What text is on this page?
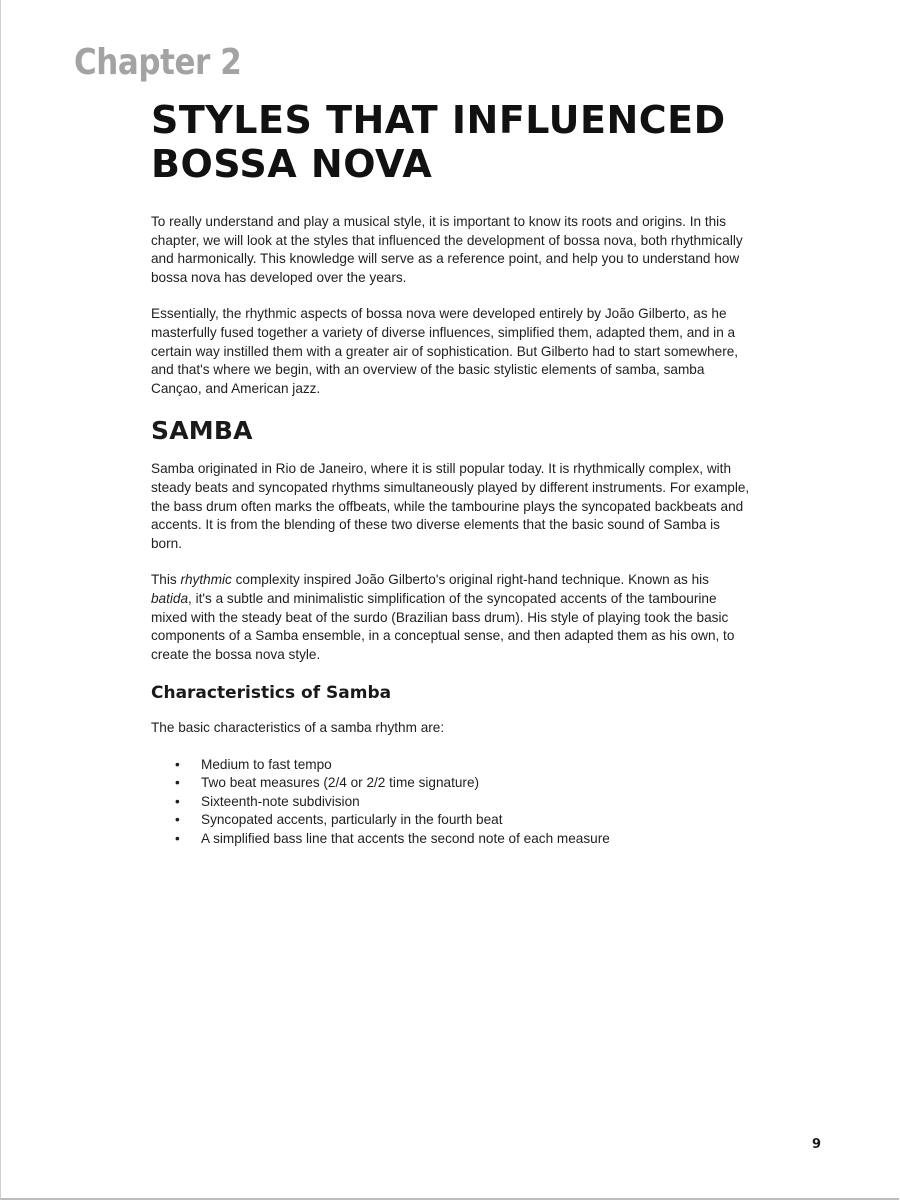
Chapter 2
STYLES THAT INFLUENCED
BOSSA NOVA

To really understand and play a musical style, it is important to know its roots and origins. In this chapter, we will look at the styles that influenced the development of bossa nova, both rhythmically and harmonically. This knowledge will serve as a reference point, and help you to understand how bossa nova has developed over the years.

Essentially, the rhythmic aspects of bossa nova were developed entirely by João Gilberto, as he masterfully fused together a variety of diverse influences, simplified them, adapted them, and in a certain way instilled them with a greater air of sophistication. But Gilberto had to start somewhere, and that's where we begin, with an overview of the basic stylistic elements of samba, samba Cançao, and American jazz.

SAMBA

Samba originated in Rio de Janeiro, where it is still popular today. It is rhythmically complex, with steady beats and syncopated rhythms simultaneously played by different instruments. For example, the bass drum often marks the offbeats, while the tambourine plays the syncopated backbeats and accents. It is from the blending of these two diverse elements that the basic sound of Samba is born.

This rhythmic complexity inspired João Gilberto's original right-hand technique. Known as his batida, it's a subtle and minimalistic simplification of the syncopated accents of the tambourine mixed with the steady beat of the surdo (Brazilian bass drum). His style of playing took the basic components of a Samba ensemble, in a conceptual sense, and then adapted them as his own, to create the bossa nova style.

Characteristics of Samba

The basic characteristics of a samba rhythm are:

• Medium to fast tempo
• Two beat measures (2/4 or 2/2 time signature)
• Sixteenth-note subdivision
• Syncopated accents, particularly in the fourth beat
• A simplified bass line that accents the second note of each measure
9
